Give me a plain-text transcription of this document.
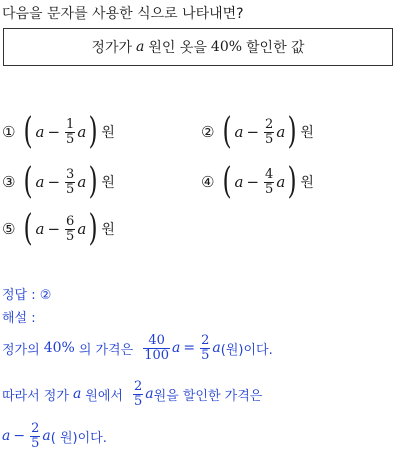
다음을 문자를 사용한 식으로 나타내면?
정가가 a 원인 옷을 40% 할인한 값
① ( $a - \frac{1}{5}$ a ) 원	② ( $a - \frac{2}{5}$ a ) 원
③ ( $a - \frac{3}{5}$ a ) 원	④ ( $a - \frac{4}{5}$ a ) 원
⑤ ( $a - \frac{6}{5}$ a ) 원
정답 : ②
해설 :
정가의 40% 의 가격은 $\frac{40}{100}$ $a = \frac{2}{5}$ a (원)이다.
따라서 정가 a 원에서 $\frac{2}{5}$ a 원을 할인한 가격은
$a - \frac{2}{5}$ a ( 원) 이다.
